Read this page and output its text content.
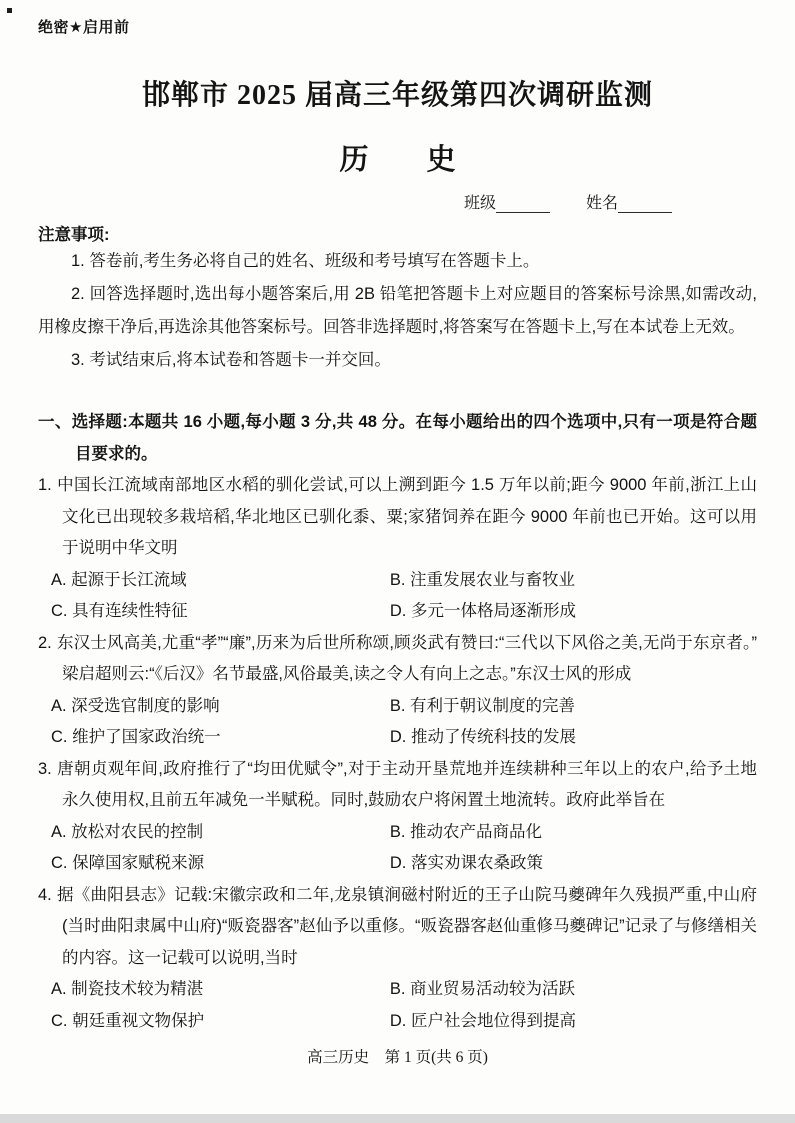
绝密★启用前
邯郸市 2025 届高三年级第四次调研监测
历　　史
班级	姓名
注意事项:

1. 答卷前,考生务必将自己的姓名、班级和考号填写在答题卡上。

2. 回答选择题时,选出每小题答案后,用 2B 铅笔把答题卡上对应题目的答案标号涂黑,如需改动,用橡皮擦干净后,再选涂其他答案标号。回答非选择题时,将答案写在答题卡上,写在本试卷上无效。

3. 考试结束后,将本试卷和答题卡一并交回。

一、选择题:本题共 16 小题,每小题 3 分,共 48 分。在每小题给出的四个选项中,只有一项是符合题目要求的。

1. 中国长江流域南部地区水稻的驯化尝试,可以上溯到距今 1.5 万年以前;距今 9000 年前,浙江上山文化已出现较多栽培稻,华北地区已驯化黍、粟;家猪饲养在距今 9000 年前也已开始。这可以用于说明中华文明

A. 起源于长江流域	B. 注重发展农业与畜牧业
C. 具有连续性特征	D. 多元一体格局逐渐形成

2. 东汉士风高美,尤重“孝”“廉”,历来为后世所称颂,顾炎武有赞曰:“三代以下风俗之美,无尚于东京者。”梁启超则云:“《后汉》名节最盛,风俗最美,读之令人有向上之志。”东汉士风的形成

A. 深受选官制度的影响	B. 有利于朝议制度的完善
C. 维护了国家政治统一	D. 推动了传统科技的发展

3. 唐朝贞观年间,政府推行了“均田优赋令”,对于主动开垦荒地并连续耕种三年以上的农户,给予土地永久使用权,且前五年减免一半赋税。同时,鼓励农户将闲置土地流转。政府此举旨在

A. 放松对农民的控制	B. 推动农产品商品化
C. 保障国家赋税来源	D. 落实劝课农桑政策

4. 据《曲阳县志》记载:宋徽宗政和二年,龙泉镇涧磁村附近的王子山院马夔碑年久残损严重,中山府(当时曲阳隶属中山府)“贩瓷器客”赵仙予以重修。“贩瓷器客赵仙重修马夔碑记”记录了与修缮相关的内容。这一记载可以说明,当时

A. 制瓷技术较为精湛	B. 商业贸易活动较为活跃
C. 朝廷重视文物保护	D. 匠户社会地位得到提高
高三历史　第 1 页(共 6 页)
